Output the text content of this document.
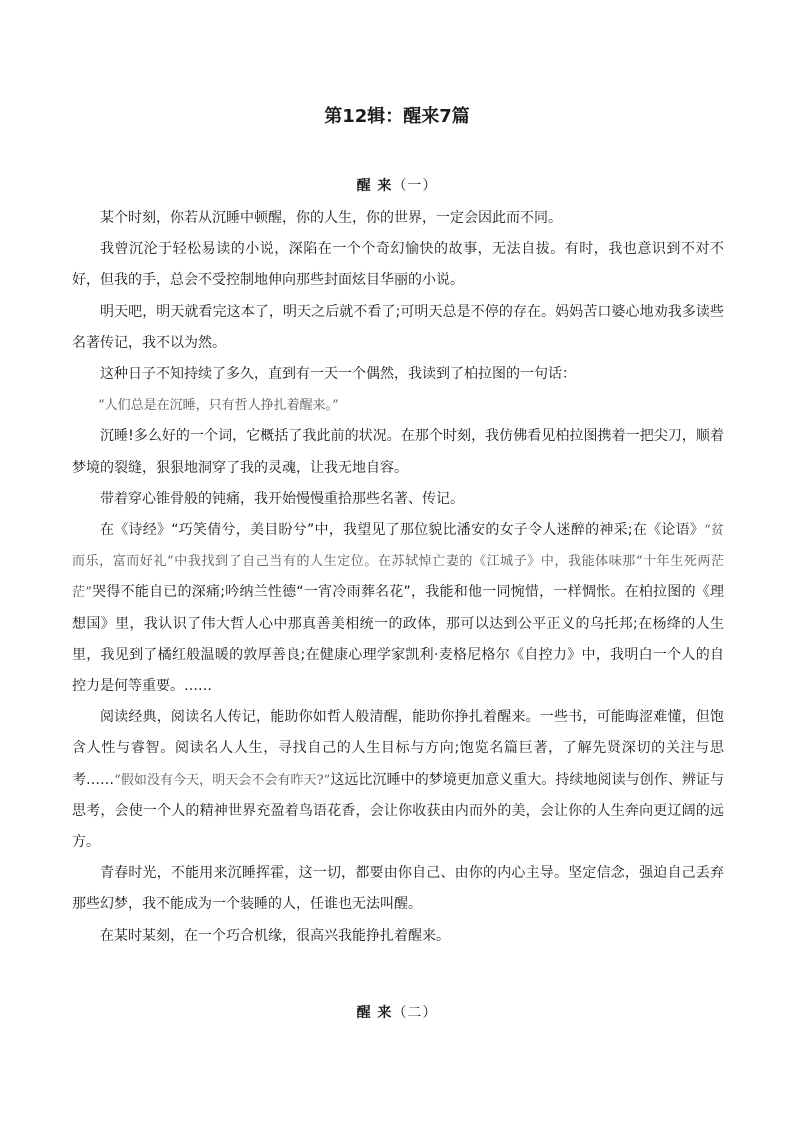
第12辑：醒来7篇
醒 来（一）

某个时刻，你若从沉睡中顿醒，你的人生，你的世界，一定会因此而不同。

我曾沉沦于轻松易读的小说，深陷在一个个奇幻愉快的故事，无法自拔。有时，我也意识到不对不好，但我的手，总会不受控制地伸向那些封面炫目华丽的小说。

明天吧，明天就看完这本了，明天之后就不看了;可明天总是不停的存在。妈妈苦口婆心地劝我多读些名著传记，我不以为然。

这种日子不知持续了多久，直到有一天一个偶然，我读到了柏拉图的一句话：

“人们总是在沉睡，只有哲人挣扎着醒来。”

沉睡!多么好的一个词，它概括了我此前的状况。在那个时刻，我仿佛看见柏拉图携着一把尖刀，顺着梦境的裂缝，狠狠地洞穿了我的灵魂，让我无地自容。

带着穿心锥骨般的钝痛，我开始慢慢重拾那些名著、传记。

在《诗经》“巧笑倩兮，美目盼兮”中，我望见了那位貌比潘安的女子令人迷醉的神采;在《论语》“贫而乐，富而好礼”中我找到了自己当有的人生定位。在苏轼悼亡妻的《江城子》中，我能体味那“十年生死两茫茫”哭得不能自已的深痛;吟纳兰性德“一宵冷雨葬名花”，我能和他一同惋惜，一样惆怅。在柏拉图的《理想国》里，我认识了伟大哲人心中那真善美相统一的政体，那可以达到公平正义的乌托邦;在杨绛的人生里，我见到了橘红般温暖的敦厚善良;在健康心理学家凯利·麦格尼格尔《自控力》中，我明白一个人的自控力是何等重要。……

阅读经典，阅读名人传记，能助你如哲人般清醒，能助你挣扎着醒来。一些书，可能晦涩难懂，但饱含人性与睿智。阅读名人人生，寻找自己的人生目标与方向;饱览名篇巨著，了解先贤深切的关注与思考……“假如没有今天，明天会不会有昨天?”这远比沉睡中的梦境更加意义重大。持续地阅读与创作、辨证与思考，会使一个人的精神世界充盈着鸟语花香，会让你收获由内而外的美，会让你的人生奔向更辽阔的远方。

青春时光，不能用来沉睡挥霍，这一切，都要由你自己、由你的内心主导。坚定信念，强迫自己丢弃那些幻梦，我不能成为一个装睡的人，任谁也无法叫醒。

在某时某刻，在一个巧合机缘，很高兴我能挣扎着醒来。

醒 来（二）
